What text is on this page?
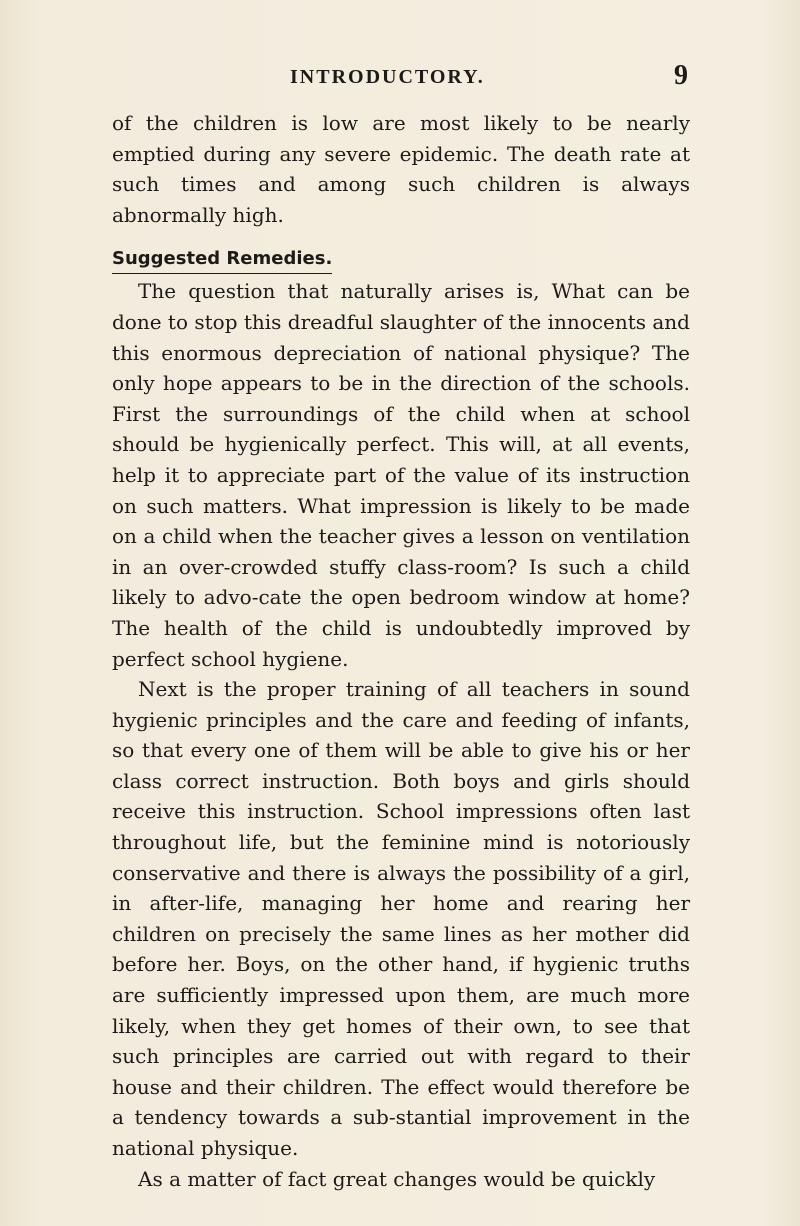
INTRODUCTORY.	9

of the children is low are most likely to be nearly emptied during any severe epidemic. The death rate at such times and among such children is always abnormally high.

Suggested Remedies.

The question that naturally arises is, What can be done to stop this dreadful slaughter of the innocents and this enormous depreciation of national physique? The only hope appears to be in the direction of the schools. First the surroundings of the child when at school should be hygienically perfect. This will, at all events, help it to appreciate part of the value of its instruction on such matters. What impression is likely to be made on a child when the teacher gives a lesson on ventilation in an over-crowded stuffy class-room? Is such a child likely to advo-cate the open bedroom window at home? The health of the child is undoubtedly improved by perfect school hygiene.

Next is the proper training of all teachers in sound hygienic principles and the care and feeding of infants, so that every one of them will be able to give his or her class correct instruction. Both boys and girls should receive this instruction. School impressions often last throughout life, but the feminine mind is notoriously conservative and there is always the possibility of a girl, in after-life, managing her home and rearing her children on precisely the same lines as her mother did before her. Boys, on the other hand, if hygienic truths are sufficiently impressed upon them, are much more likely, when they get homes of their own, to see that such principles are carried out with regard to their house and their children. The effect would therefore be a tendency towards a sub-stantial improvement in the national physique.

As a matter of fact great changes would be quickly
